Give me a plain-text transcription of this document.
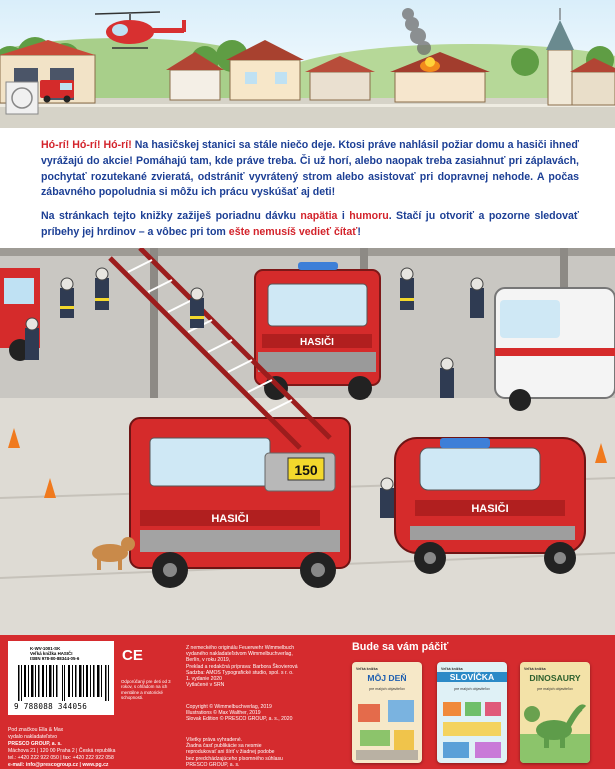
Hó-rí! Hó-rí! Hó-rí! Na hasičskej stanici sa stále niečo deje. Ktosi práve nahlásil požiar domu a hasiči ihneď vyrážajú do akcie! Pomáhajú tam, kde práve treba. Či už horí, alebo naopak treba zasiahnuť pri záplavách, pochytať rozutekané zvieratá, odstrániť vyvrátený strom alebo asistovať pri dopravnej nehode. A počas zábavného popoludnia si môžu ich prácu vyskúšať aj deti!

Na stránkach tejto knižky zažiješ poriadnu dávku napätia i humoru. Stačí ju otvoriť a pozorne sledovať príbehy jej hrdinov – a vôbec pri tom ešte nemusíš vedieť čítať!

HASIČI
150
HASIČI
HASIČI
K-WV-1001-SK
Veľká knižka HASIČI
ISBN 978-80-88344-05-6
9 788088 344056
CE
Odporúčaný pre deti od 3 rokov, s ohľadom na ich mentálne a motorické schopnosti.
Pod značkou Ella & Max
vydalo nakladateľstvo
PRESCO GROUP, a. s.
Máchova 21 | 120 00 Praha 2 | Česká republika
tel.: +420 222 922 050 | fax: +420 222 922 058
e-mail: info@prescogroup.cz | www.pg.cz
Z nemeckého originálu Feuerwehr Wimmelbuch
vydaného nakladateľstvom Wimmelbuchverlag,
Berlín, v roku 2019,
Preklad a redakčná príprava: Barbora Škovierová
Sadzba: AMOS Typografické studio, spol. s r. o.
1. vydanie 2020
Vytlačené v SRN
Copyright © Wimmelbuchverlag, 2019
Illustrations © Max Walther, 2019
Slovak Edition © PRESCO GROUP, a. s., 2020
Všetky práva vyhradené.
Žiadna časť publikácie sa nesmie
reprodukovať ani šíriť v žiadnej podobe
bez predchádzajúceho písomného súhlasu
PRESCO GROUP, a. s.
Bude sa vám páčiť
Veľká knižka
MÔJ DEŇ
pre malých objaviteľov
Veľká knižka
SLOVÍČKA
pre malých objaviteľov
Veľká knižka
DINOSAURY
pre malých objaviteľov
